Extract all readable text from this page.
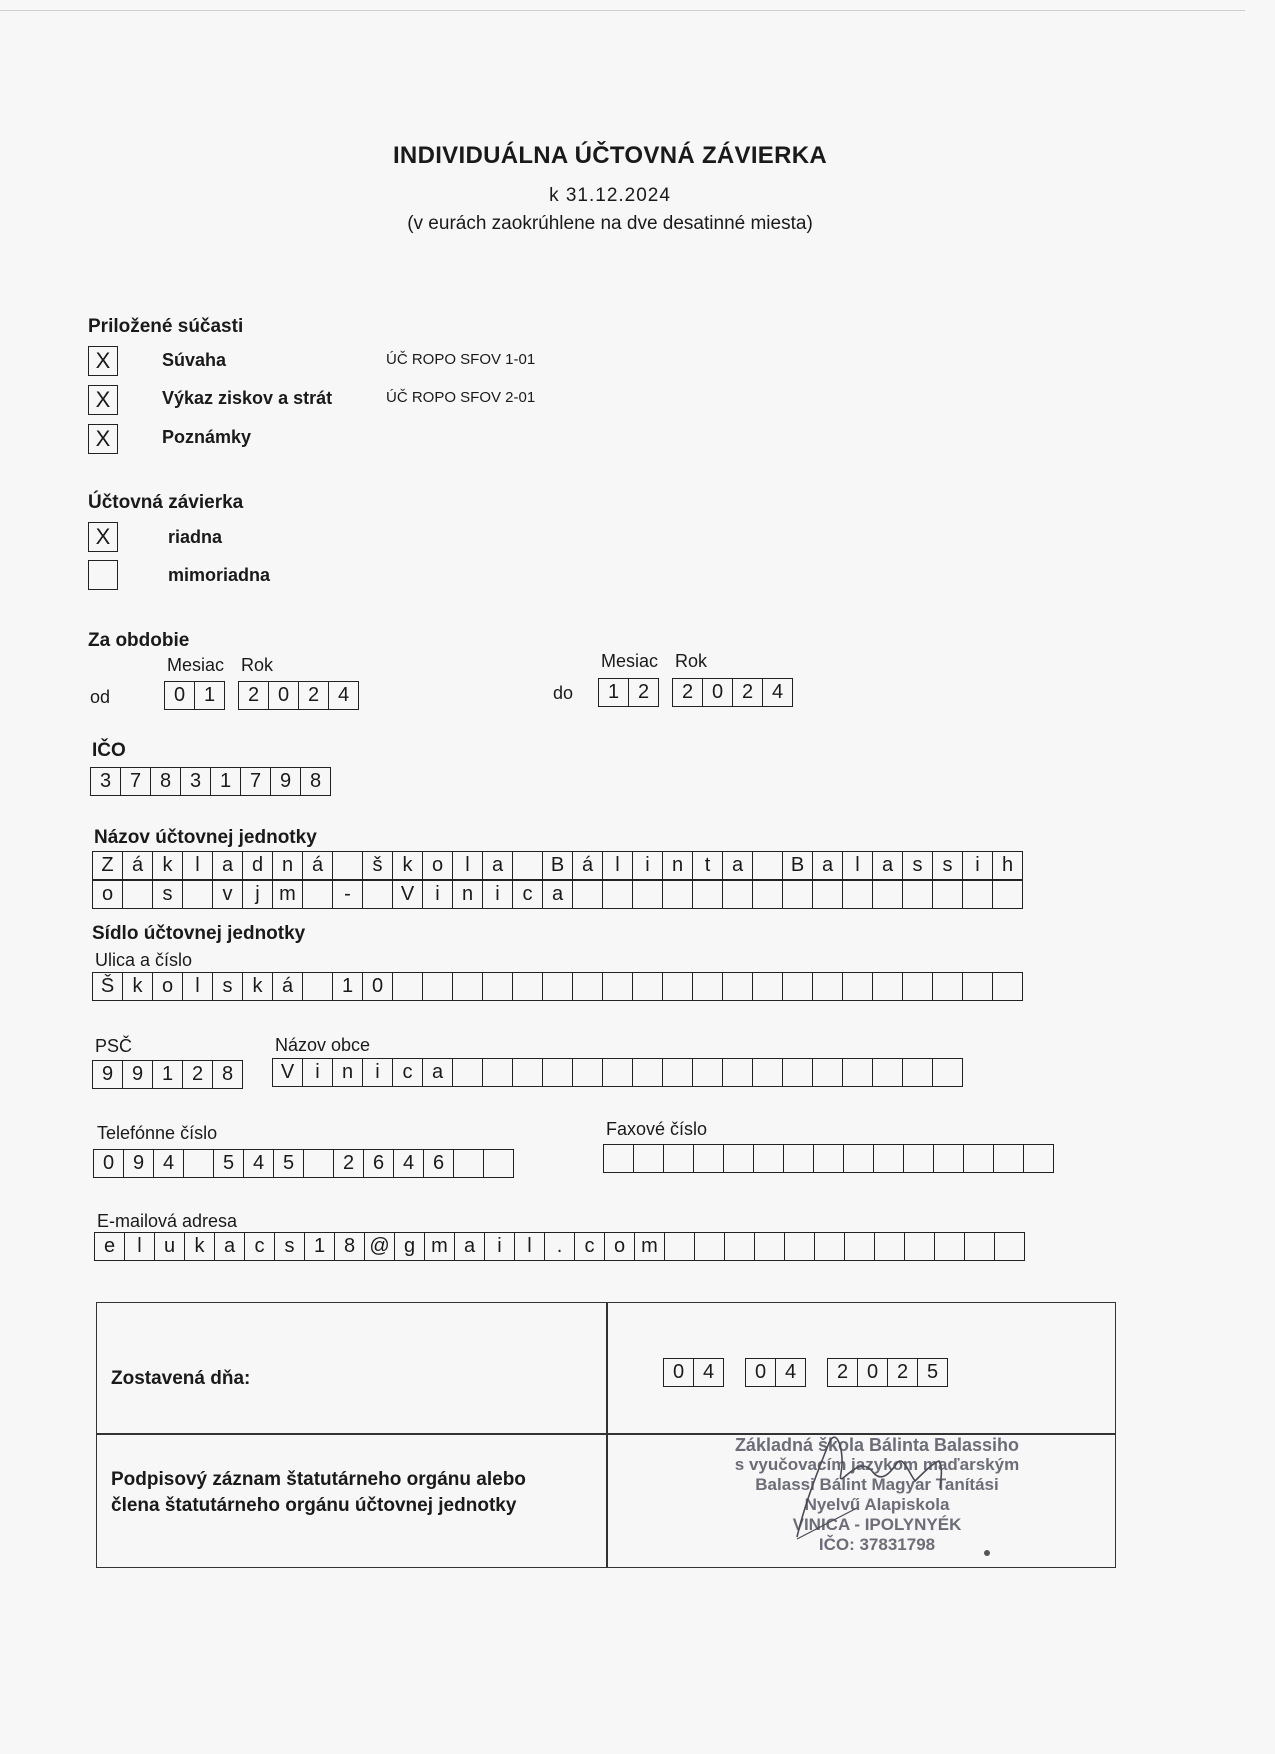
INDIVIDUÁLNA ÚČTOVNÁ ZÁVIERKA
k 31.12.2024
(v eurách zaokrúhlene na dve desatinné miesta)
Priložené súčasti
X	Súvaha	ÚČ ROPO SFOV 1-01
X	Výkaz ziskov a strát	ÚČ ROPO SFOV 2-01
X	Poznámky
Účtovná závierka
X	riadna
mimoriadna
Za obdobie
Mesiac Rok
od	0 1	2 0 2 4
Mesiac Rok
do	1 2	2 0 2 4
IČO
3 7 8 3 1 7 9 8
Názov účtovnej jednotky
Z á k	l	a d n á	š	k o	l	a	B á	l	i	n	t	a	B a	l	a s	s	i	h
o	s	v	j m	-	V	i	n	i	c a
Sídlo účtovnej jednotky
Ulica a číslo
Š k o	l	s	k á	1 0
PSČ
9 9 1 2 8
Názov obce
V	i	n	i	c a
Telefónne číslo
0 9 4	5 4 5	2 6 4 6
Faxové číslo
E-mailová adresa
e	l	u k a c	s 1 8 @ g m a	i	l	.	c o m
Zostavená dňa:	0 4	0 4	2 0 2 5
Podpisový záznam štatutárneho orgánu alebo
člena štatutárneho orgánu účtovnej jednotky
Základná škola Bálinta Balassiho
s vyučovacím jazykom maďarským
Balassi Bálint Magyar Tanítási
Nyelvű Alapiskola
VINICA - IPOLYNYÉK
IČO: 37831798
